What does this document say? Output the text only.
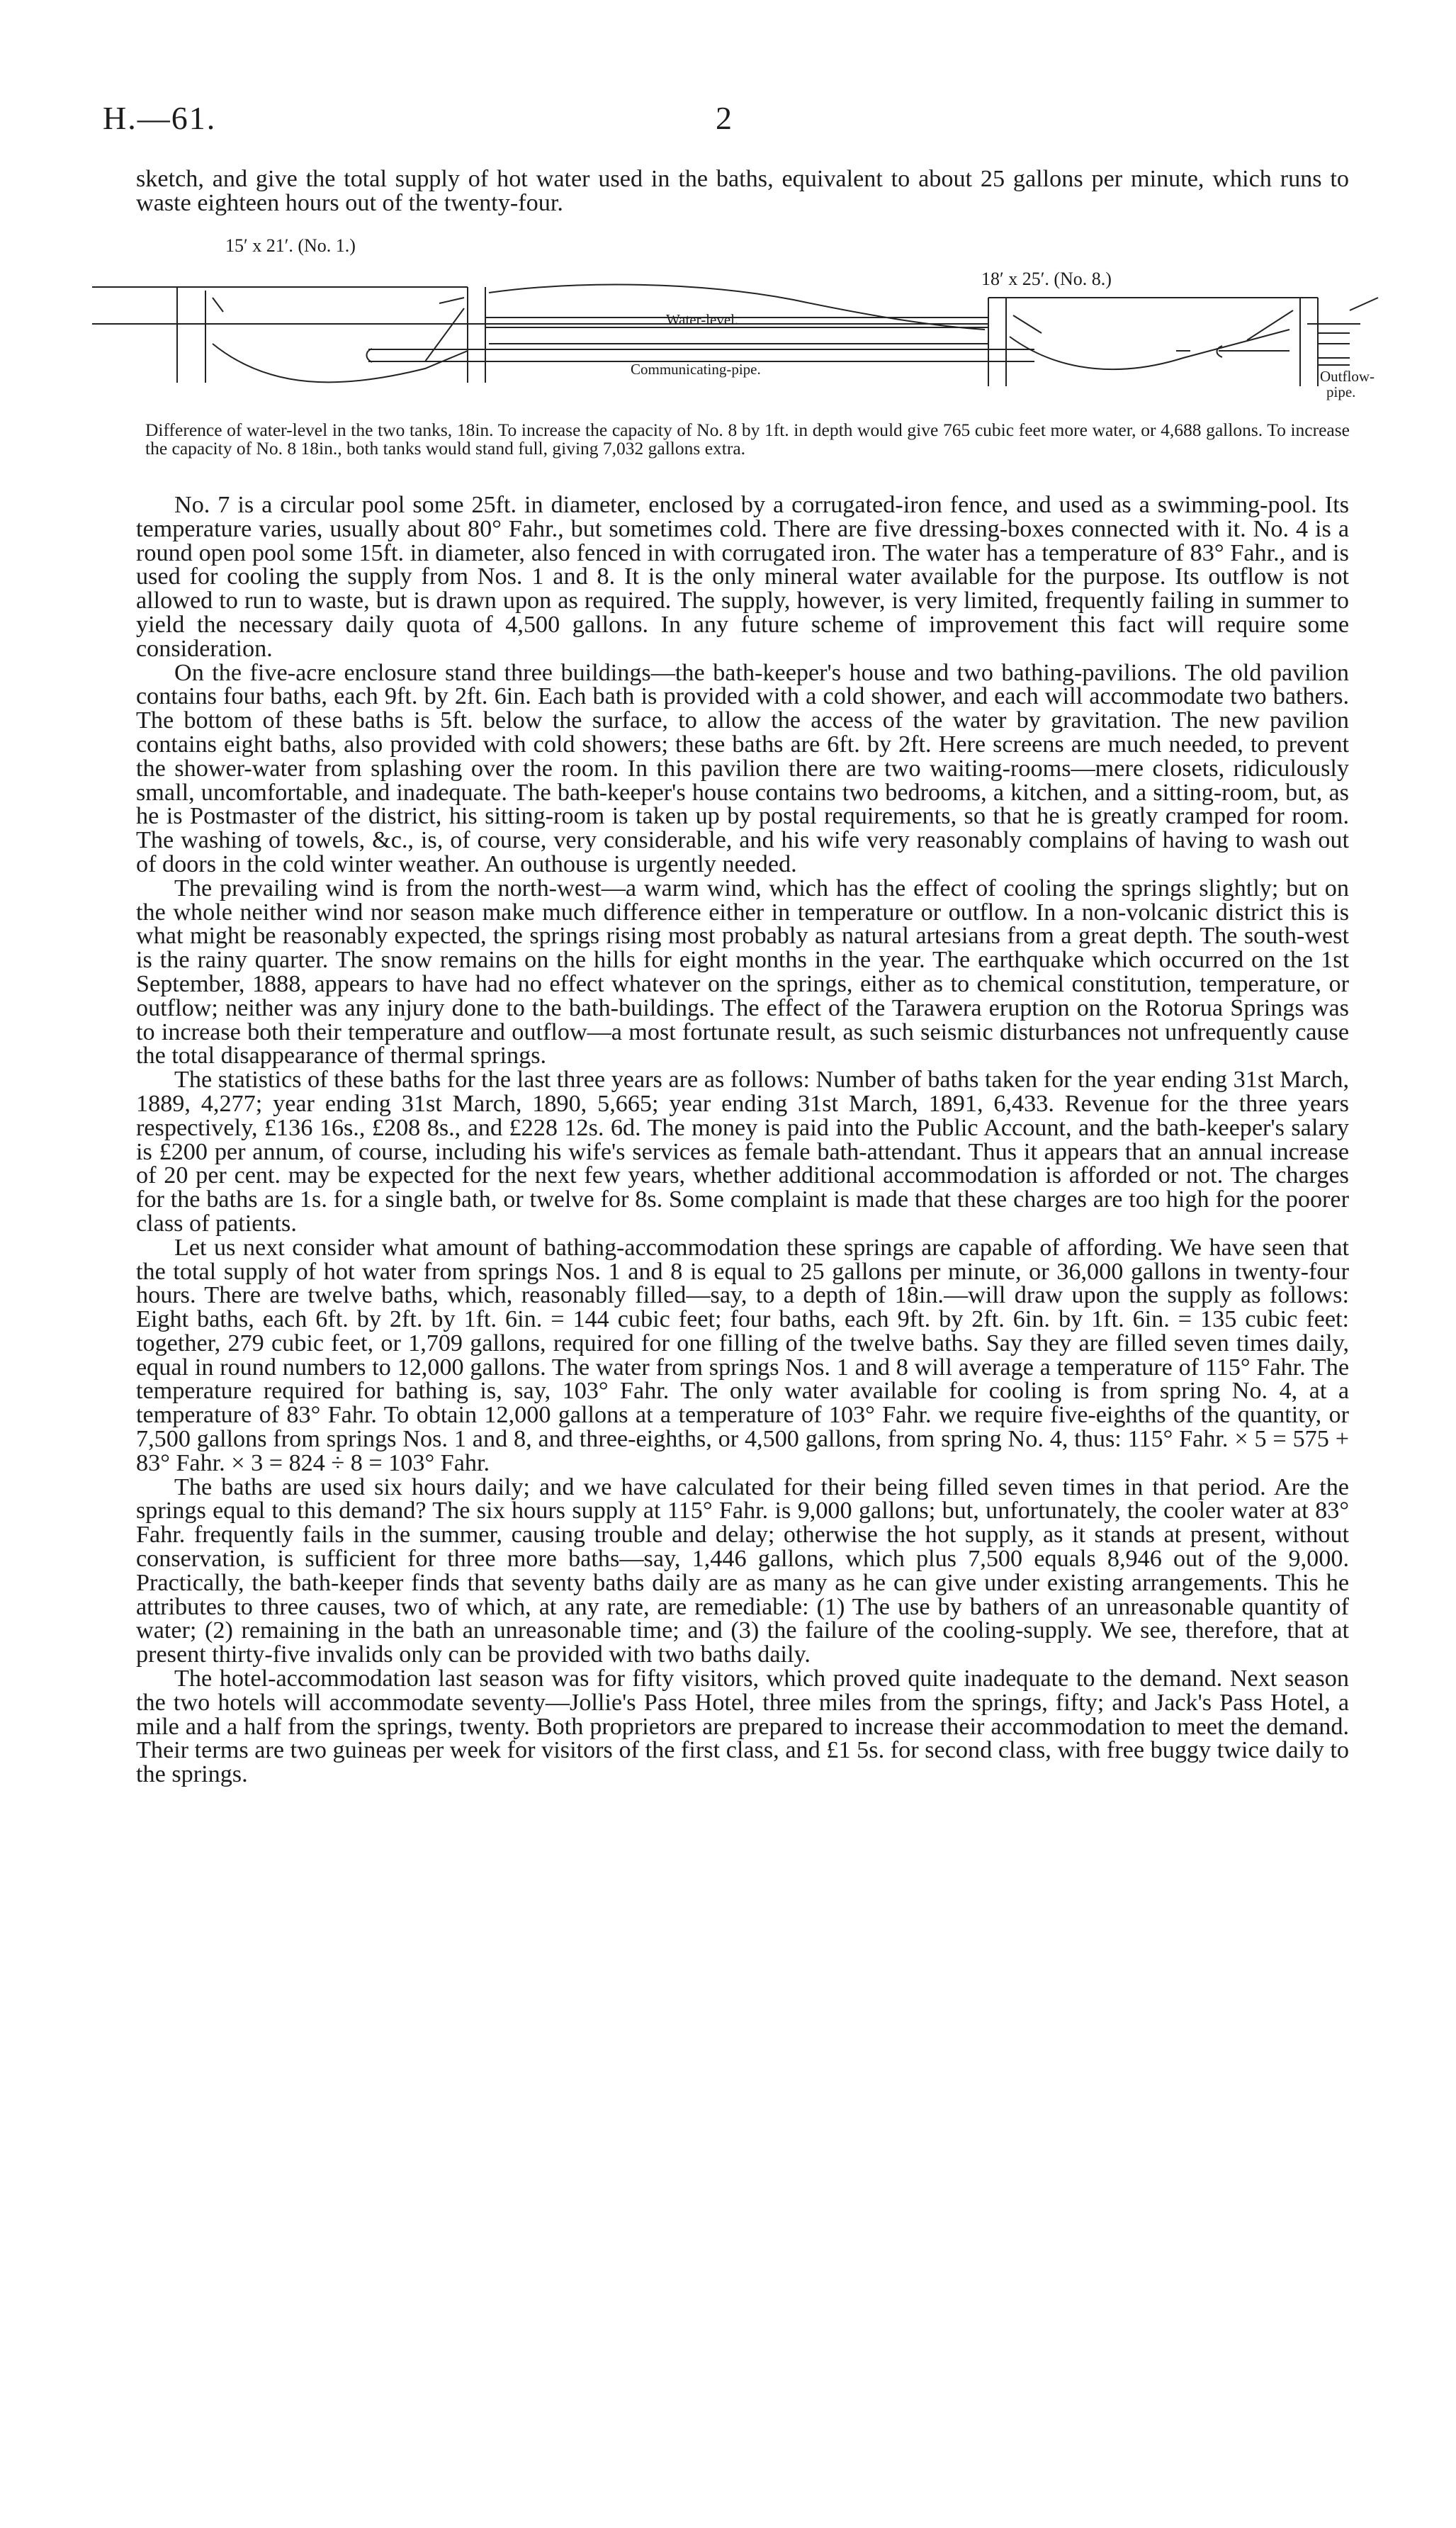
H.—61.	2

sketch, and give the total supply of hot water used in the baths, equivalent to about 25 gallons per minute, which runs to waste eighteen hours out of the twenty-four.

15′ x 21′. (No. 1.)
18′ x 25′. (No. 8.)
Water-level.
Communicating-pipe.	Outflow-
pipe.
Difference of water-level in the two tanks, 18in. To increase the capacity of No. 8 by 1ft. in depth would give 765 cubic feet more water, or 4,688 gallons. To increase the capacity of No. 8 18in., both tanks would stand full, giving 7,032 gallons extra.

No. 7 is a circular pool some 25ft. in diameter, enclosed by a corrugated-iron fence, and used as a swimming-pool. Its temperature varies, usually about 80° Fahr., but sometimes cold. There are five dressing-boxes connected with it. No. 4 is a round open pool some 15ft. in diameter, also fenced in with corrugated iron. The water has a temperature of 83° Fahr., and is used for cooling the supply from Nos. 1 and 8. It is the only mineral water available for the purpose. Its outflow is not allowed to run to waste, but is drawn upon as required. The supply, however, is very limited, frequently failing in summer to yield the necessary daily quota of 4,500 gallons. In any future scheme of improvement this fact will require some consideration.

On the five-acre enclosure stand three buildings—the bath-keeper's house and two bathing-pavilions. The old pavilion contains four baths, each 9ft. by 2ft. 6in. Each bath is provided with a cold shower, and each will accommodate two bathers. The bottom of these baths is 5ft. below the surface, to allow the access of the water by gravitation. The new pavilion contains eight baths, also provided with cold showers; these baths are 6ft. by 2ft. Here screens are much needed, to prevent the shower-water from splashing over the room. In this pavilion there are two waiting-rooms—mere closets, ridiculously small, uncomfortable, and inadequate. The bath-keeper's house contains two bedrooms, a kitchen, and a sitting-room, but, as he is Postmaster of the district, his sitting-room is taken up by postal requirements, so that he is greatly cramped for room. The washing of towels, &c., is, of course, very considerable, and his wife very reasonably complains of having to wash out of doors in the cold winter weather. An outhouse is urgently needed.

The prevailing wind is from the north-west—a warm wind, which has the effect of cooling the springs slightly; but on the whole neither wind nor season make much difference either in temperature or outflow. In a non-volcanic district this is what might be reasonably expected, the springs rising most probably as natural artesians from a great depth. The south-west is the rainy quarter. The snow remains on the hills for eight months in the year. The earthquake which occurred on the 1st September, 1888, appears to have had no effect whatever on the springs, either as to chemical constitution, temperature, or outflow; neither was any injury done to the bath-buildings. The effect of the Tarawera eruption on the Rotorua Springs was to increase both their temperature and outflow—a most fortunate result, as such seismic disturbances not unfrequently cause the total disappearance of thermal springs.

The statistics of these baths for the last three years are as follows: Number of baths taken for the year ending 31st March, 1889, 4,277; year ending 31st March, 1890, 5,665; year ending 31st March, 1891, 6,433. Revenue for the three years respectively, £136 16s., £208 8s., and £228 12s. 6d. The money is paid into the Public Account, and the bath-keeper's salary is £200 per annum, of course, including his wife's services as female bath-attendant. Thus it appears that an annual increase of 20 per cent. may be expected for the next few years, whether additional accommodation is afforded or not. The charges for the baths are 1s. for a single bath, or twelve for 8s. Some complaint is made that these charges are too high for the poorer class of patients.

Let us next consider what amount of bathing-accommodation these springs are capable of affording. We have seen that the total supply of hot water from springs Nos. 1 and 8 is equal to 25 gallons per minute, or 36,000 gallons in twenty-four hours. There are twelve baths, which, reasonably filled—say, to a depth of 18in.—will draw upon the supply as follows: Eight baths, each 6ft. by 2ft. by 1ft. 6in. = 144 cubic feet; four baths, each 9ft. by 2ft. 6in. by 1ft. 6in. = 135 cubic feet: together, 279 cubic feet, or 1,709 gallons, required for one filling of the twelve baths. Say they are filled seven times daily, equal in round numbers to 12,000 gallons. The water from springs Nos. 1 and 8 will average a temperature of 115° Fahr. The temperature required for bathing is, say, 103° Fahr. The only water available for cooling is from spring No. 4, at a temperature of 83° Fahr. To obtain 12,000 gallons at a temperature of 103° Fahr. we require five-eighths of the quantity, or 7,500 gallons from springs Nos. 1 and 8, and three-eighths, or 4,500 gallons, from spring No. 4, thus: 115° Fahr. × 5 = 575 + 83° Fahr. × 3 = 824 ÷ 8 = 103° Fahr.

The baths are used six hours daily; and we have calculated for their being filled seven times in that period. Are the springs equal to this demand? The six hours supply at 115° Fahr. is 9,000 gallons; but, unfortunately, the cooler water at 83° Fahr. frequently fails in the summer, causing trouble and delay; otherwise the hot supply, as it stands at present, without conservation, is sufficient for three more baths—say, 1,446 gallons, which plus 7,500 equals 8,946 out of the 9,000. Practically, the bath-keeper finds that seventy baths daily are as many as he can give under existing arrangements. This he attributes to three causes, two of which, at any rate, are remediable: (1) The use by bathers of an unreasonable quantity of water; (2) remaining in the bath an unreasonable time; and (3) the failure of the cooling-supply. We see, therefore, that at present thirty-five invalids only can be provided with two baths daily.

The hotel-accommodation last season was for fifty visitors, which proved quite inadequate to the demand. Next season the two hotels will accommodate seventy—Jollie's Pass Hotel, three miles from the springs, fifty; and Jack's Pass Hotel, a mile and a half from the springs, twenty. Both proprietors are prepared to increase their accommodation to meet the demand. Their terms are two guineas per week for visitors of the first class, and £1 5s. for second class, with free buggy twice daily to the springs.
